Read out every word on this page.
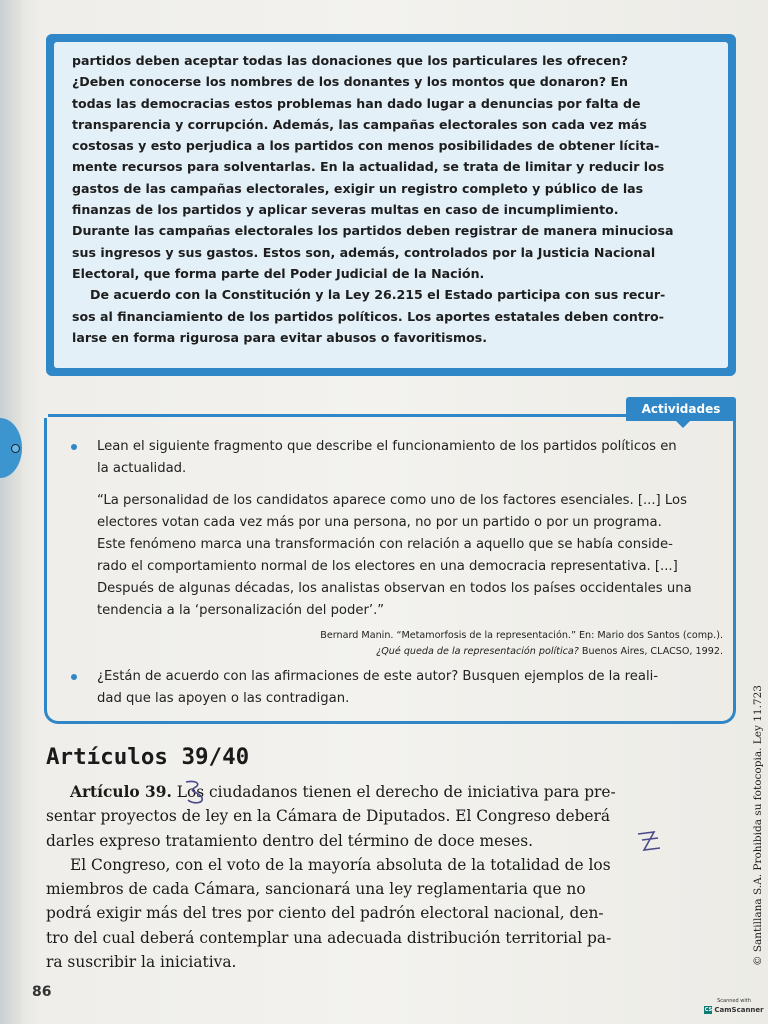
partidos deben aceptar todas las donaciones que los particulares les ofrecen?

¿Deben conocerse los nombres de los donantes y los montos que donaron? En

todas las democracias estos problemas han dado lugar a denuncias por falta de

transparencia y corrupción. Además, las campañas electorales son cada vez más

costosas y esto perjudica a los partidos con menos posibilidades de obtener lícita-

mente recursos para solventarlas. En la actualidad, se trata de limitar y reducir los

gastos de las campañas electorales, exigir un registro completo y público de las

finanzas de los partidos y aplicar severas multas en caso de incumplimiento.

Durante las campañas electorales los partidos deben registrar de manera minuciosa

sus ingresos y sus gastos. Estos son, además, controlados por la Justicia Nacional

Electoral, que forma parte del Poder Judicial de la Nación.

De acuerdo con la Constitución y la Ley 26.215 el Estado participa con sus recur-

sos al financiamiento de los partidos políticos. Los aportes estatales deben contro-

larse en forma rigurosa para evitar abusos o favoritismos.

Actividades
Lean el siguiente fragmento que describe el funcionamiento de los partidos políticos en
la actualidad.
“La personalidad de los candidatos aparece como uno de los factores esenciales. [...] Los
electores votan cada vez más por una persona, no por un partido o por un programa.
Este fenómeno marca una transformación con relación a aquello que se había conside-
rado el comportamiento normal de los electores en una democracia representativa. [...]
Después de algunas décadas, los analistas observan en todos los países occidentales una
tendencia a la ‘personalización del poder’.”
Bernard Manin. “Metamorfosis de la representación.” En: Mario dos Santos (comp.).
¿Qué queda de la representación política? Buenos Aires, CLACSO, 1992.
¿Están de acuerdo con las afirmaciones de este autor? Busquen ejemplos de la reali-
dad que las apoyen o las contradigan.
Artículos 39/40

Artículo 39. Los ciudadanos tienen el derecho de iniciativa para pre-

sentar proyectos de ley en la Cámara de Diputados. El Congreso deberá
darles expreso tratamiento dentro del término de doce meses.

El Congreso, con el voto de la mayoría absoluta de la totalidad de los

miembros de cada Cámara, sancionará una ley reglamentaria que no
podrá exigir más del tres por ciento del padrón electoral nacional, den-
tro del cual deberá contemplar una adecuada distribución territorial pa-
ra suscribir la iniciativa.
86
© Santillana S.A. Prohibida su fotocopia. Ley 11.723
Scanned with
CS CamScanner
